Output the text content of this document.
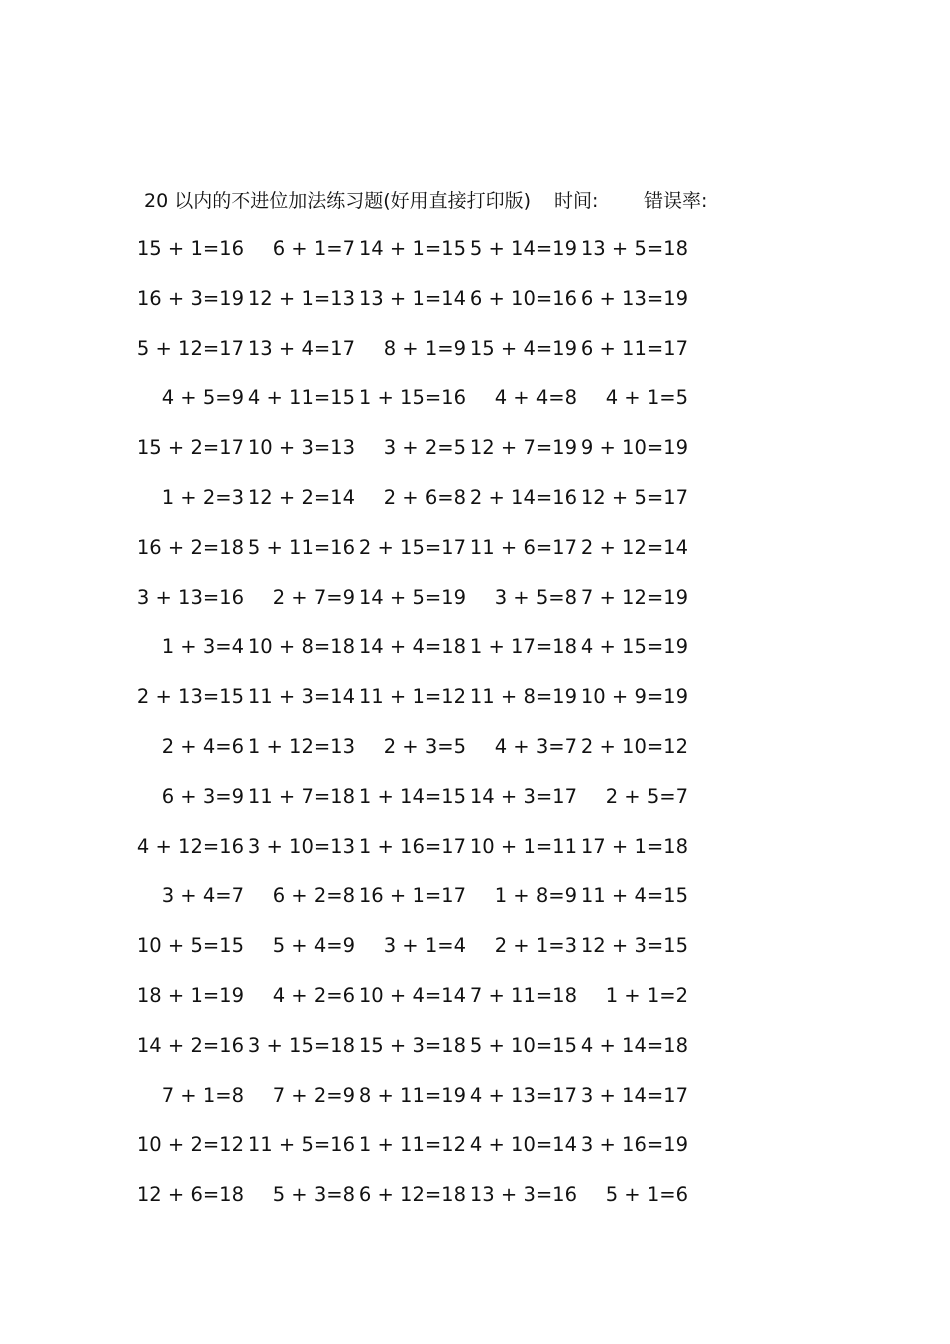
20 以内的不进位加法练习题(好用直接打印版) 时间: 错误率:
15 + 1=16	6 + 1=7 14 + 1=15 5 + 14=19 13 + 5=18
16 + 3=19 12 + 1=13 13 + 1=14 6 + 10=16 6 + 13=19
5 + 12=17 13 + 4=17	8 + 1=9 15 + 4=19 6 + 11=17
4 + 5=9 4 + 11=15 1 + 15=16	4 + 4=8	4 + 1=5
15 + 2=17 10 + 3=13	3 + 2=5 12 + 7=19 9 + 10=19
1 + 2=3 12 + 2=14	2 + 6=8 2 + 14=16 12 + 5=17
16 + 2=18 5 + 11=16 2 + 15=17 11 + 6=17 2 + 12=14
3 + 13=16	2 + 7=9 14 + 5=19	3 + 5=8 7 + 12=19
1 + 3=4 10 + 8=18 14 + 4=18 1 + 17=18 4 + 15=19
2 + 13=15 11 + 3=14 11 + 1=12 11 + 8=19 10 + 9=19
2 + 4=6 1 + 12=13	2 + 3=5	4 + 3=7 2 + 10=12
6 + 3=9 11 + 7=18 1 + 14=15 14 + 3=17	2 + 5=7
4 + 12=16 3 + 10=13 1 + 16=17 10 + 1=11 17 + 1=18
3 + 4=7	6 + 2=8 16 + 1=17	1 + 8=9 11 + 4=15
10 + 5=15	5 + 4=9	3 + 1=4	2 + 1=3 12 + 3=15
18 + 1=19	4 + 2=6 10 + 4=14 7 + 11=18	1 + 1=2
14 + 2=16 3 + 15=18 15 + 3=18 5 + 10=15 4 + 14=18
7 + 1=8	7 + 2=9 8 + 11=19 4 + 13=17 3 + 14=17
10 + 2=12 11 + 5=16 1 + 11=12 4 + 10=14 3 + 16=19
12 + 6=18	5 + 3=8 6 + 12=18 13 + 3=16	5 + 1=6
